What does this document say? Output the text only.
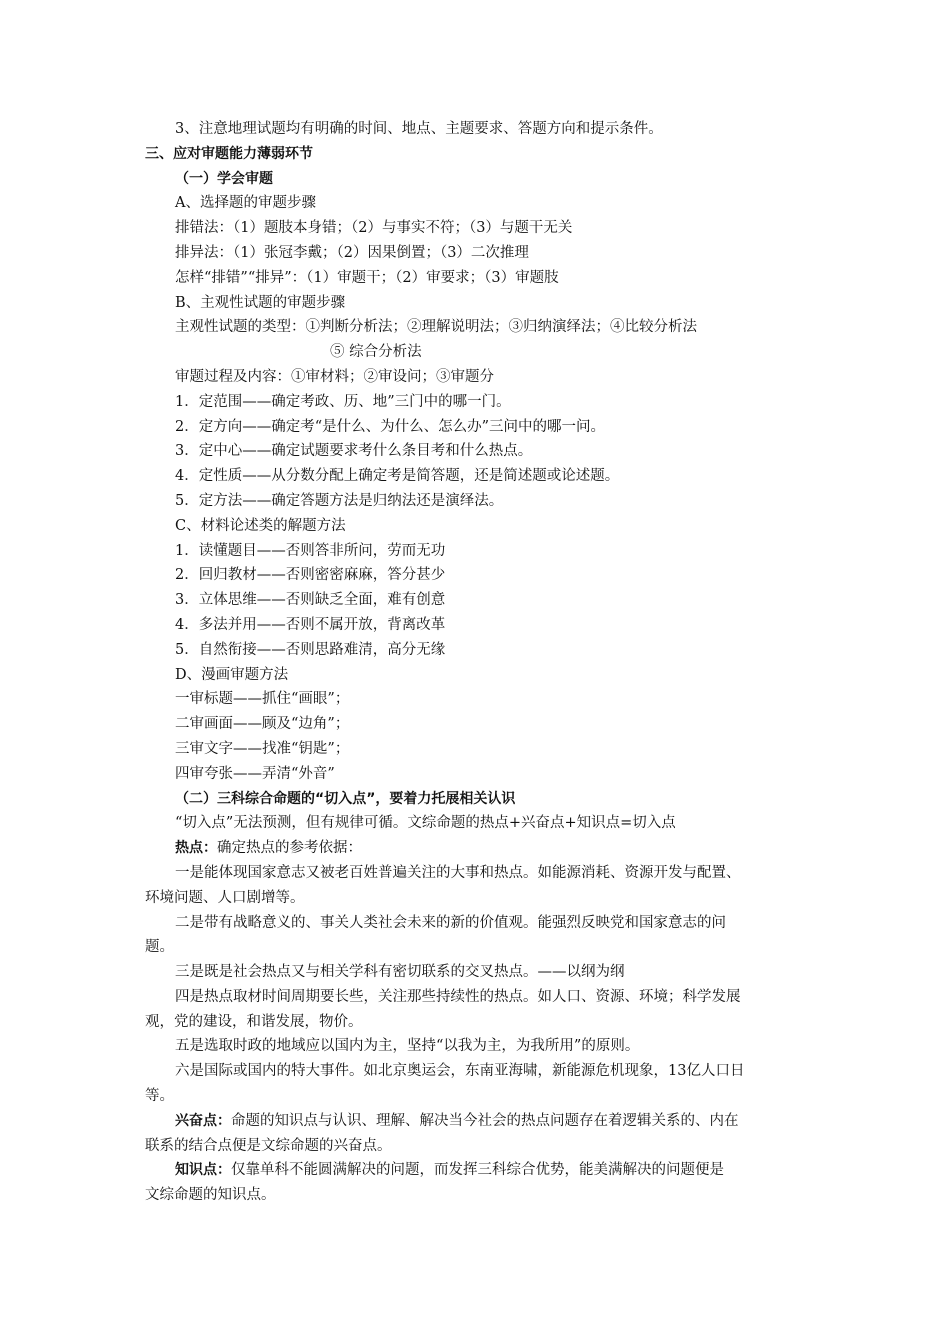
3、注意地理试题均有明确的时间、地点、主题要求、答题方向和提示条件。
三、应对审题能力薄弱环节
（一）学会审题
A、选择题的审题步骤
排错法：（1）题肢本身错；（2）与事实不符；（3）与题干无关
排异法：（1）张冠李戴；（2）因果倒置；（3）二次推理
怎样“排错”“排异”：（1）审题干；（2）审要求；（3）审题肢
B、主观性试题的审题步骤
主观性试题的类型：①判断分析法；②理解说明法；③归纳演绎法；④比较分析法
⑤ 综合分析法
审题过程及内容：①审材料；②审设问；③审题分
1．定范围——确定考政、历、地”三门中的哪一门。
2．定方向——确定考“是什么、为什么、怎么办”三问中的哪一问。
3．定中心——确定试题要求考什么条目考和什么热点。
4．定性质——从分数分配上确定考是简答题，还是简述题或论述题。
5．定方法——确定答题方法是归纳法还是演绎法。
C、材料论述类的解题方法
1．读懂题目——否则答非所问，劳而无功
2．回归教材——否则密密麻麻，答分甚少
3．立体思维——否则缺乏全面，难有创意
4．多法并用——否则不属开放，背离改革
5．自然衔接——否则思路难清，高分无缘
D、漫画审题方法
一审标题——抓住“画眼”；
二审画面——顾及“边角”；
三审文字——找准“钥匙”；
四审夸张——弄清“外音”
（二）三科综合命题的“切入点”，要着力托展相关认识
“切入点”无法预测，但有规律可循。文综命题的热点+兴奋点+知识点=切入点
热点：确定热点的参考依据：
一是能体现国家意志又被老百姓普遍关注的大事和热点。如能源消耗、资源开发与配置、
环境问题、人口剧增等。
二是带有战略意义的、事关人类社会未来的新的价值观。能强烈反映党和国家意志的问
题。
三是既是社会热点又与相关学科有密切联系的交叉热点。——以纲为纲
四是热点取材时间周期要长些，关注那些持续性的热点。如人口、资源、环境；科学发展
观，党的建设，和谐发展，物价。
五是选取时政的地域应以国内为主，坚持“以我为主，为我所用”的原则。
六是国际或国内的特大事件。如北京奥运会，东南亚海啸，新能源危机现象，13亿人口日
等。
兴奋点：命题的知识点与认识、理解、解决当今社会的热点问题存在着逻辑关系的、内在
联系的结合点便是文综命题的兴奋点。
知识点：仅靠单科不能圆满解决的问题，而发挥三科综合优势，能美满解决的问题便是
文综命题的知识点。
